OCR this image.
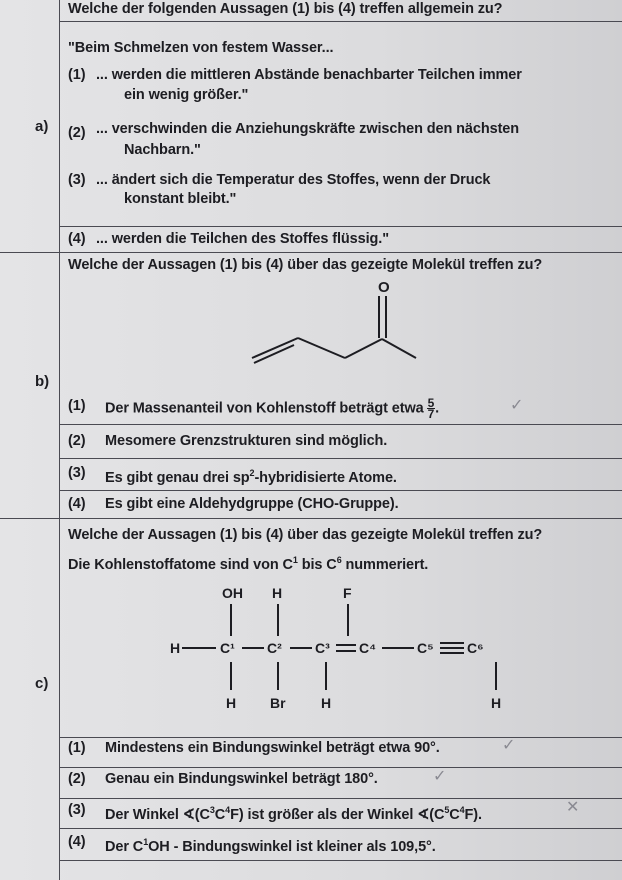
Welche der folgenden Aussagen (1) bis (4) treffen allgemein zu?
a)
"Beim Schmelzen von festem Wasser...
(1) ... werden die mittleren Abstände benachbarter Teilchen immer
ein wenig größer."
(2) ... verschwinden die Anziehungskräfte zwischen den nächsten
Nachbarn."
(3) ... ändert sich die Temperatur des Stoffes, wenn der Druck
konstant bleibt."
(4) ... werden die Teilchen des Stoffes flüssig."
b)
Welche der Aussagen (1) bis (4) über das gezeigte Molekül treffen zu?
O
(1) Der Massenanteil von Kohlenstoff beträgt etwa $\frac{5}{7}$ .	✓
(2) Mesomere Grenzstrukturen sind möglich.
(3) Es gibt genau drei $sp^2$-hybridisierte Atome.
(4) Es gibt eine Aldehydgruppe (CHO-Gruppe).
c)
Welche der Aussagen (1) bis (4) über das gezeigte Molekül treffen zu?
Die Kohlenstoffatome sind von $C^1$ bis $C^6$ nummeriert.
OH H	F
H	C¹ C² C³ C⁴	C⁵ C⁶
H Br	H	H
(1) Mindestens ein Bindungswinkel beträgt etwa 90°.	✓
(2) Genau ein Bindungswinkel beträgt 180°.	✓
(3) Der Winkel $∢(C^3C^4F)$ ist größer als der Winkel $∢(C^5C^4F)$.	✕
(4) Der $C^1OH$ - Bindungswinkel ist kleiner als 109,5°.
